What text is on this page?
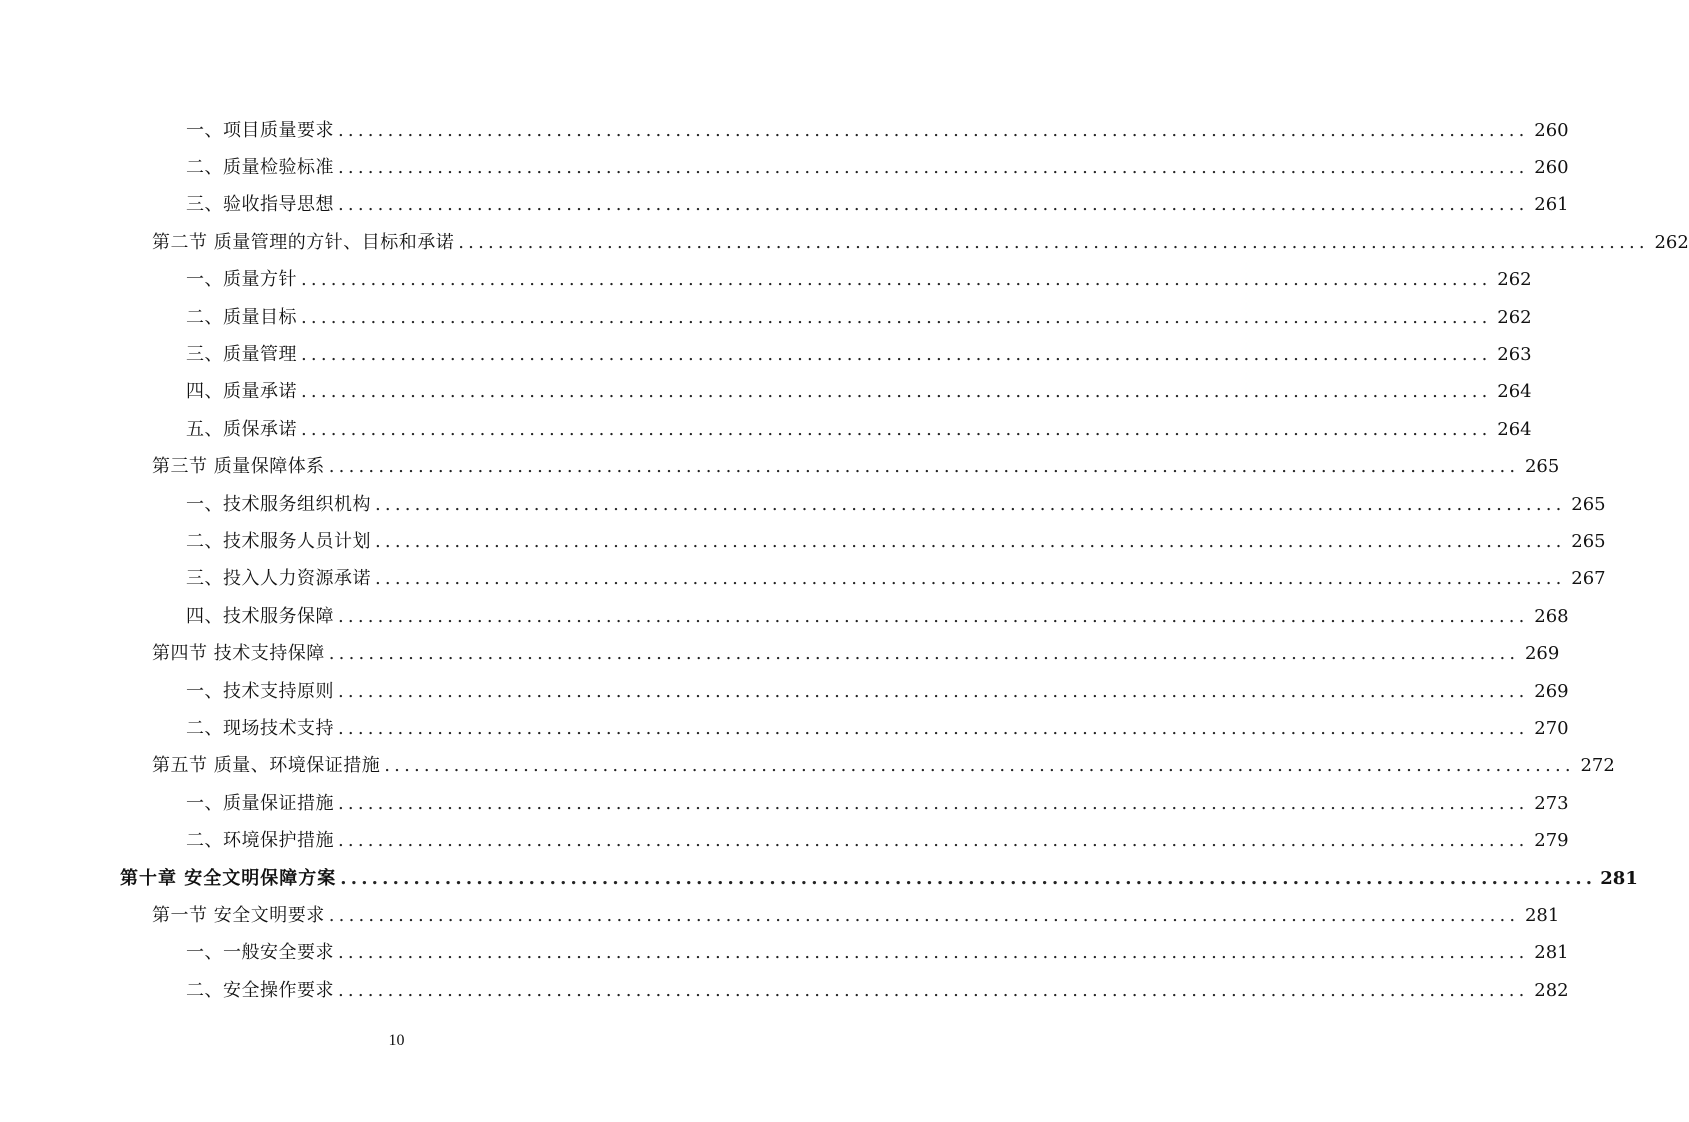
一、项目质量要求 ........................................................................................................................ 260
二、质量检验标准 ........................................................................................................................ 260
三、验收指导思想 ........................................................................................................................ 261
第二节 质量管理的方针、目标和承诺 ........................................................................................................................ 262
一、质量方针 ........................................................................................................................ 262
二、质量目标 ........................................................................................................................ 262
三、质量管理 ........................................................................................................................ 263
四、质量承诺 ........................................................................................................................ 264
五、质保承诺 ........................................................................................................................ 264
第三节 质量保障体系 ........................................................................................................................ 265
一、技术服务组织机构 ........................................................................................................................ 265
二、技术服务人员计划 ........................................................................................................................ 265
三、投入人力资源承诺 ........................................................................................................................ 267
四、技术服务保障 ........................................................................................................................ 268
第四节 技术支持保障 ........................................................................................................................ 269
一、技术支持原则 ........................................................................................................................ 269
二、现场技术支持 ........................................................................................................................ 270
第五节 质量、环境保证措施 ........................................................................................................................ 272
一、质量保证措施 ........................................................................................................................ 273
二、环境保护措施 ........................................................................................................................ 279
第十章 安全文明保障方案 ........................................................................................................................ 281
第一节 安全文明要求 ........................................................................................................................ 281
一、一般安全要求 ........................................................................................................................ 281
二、安全操作要求 ........................................................................................................................ 282
10
